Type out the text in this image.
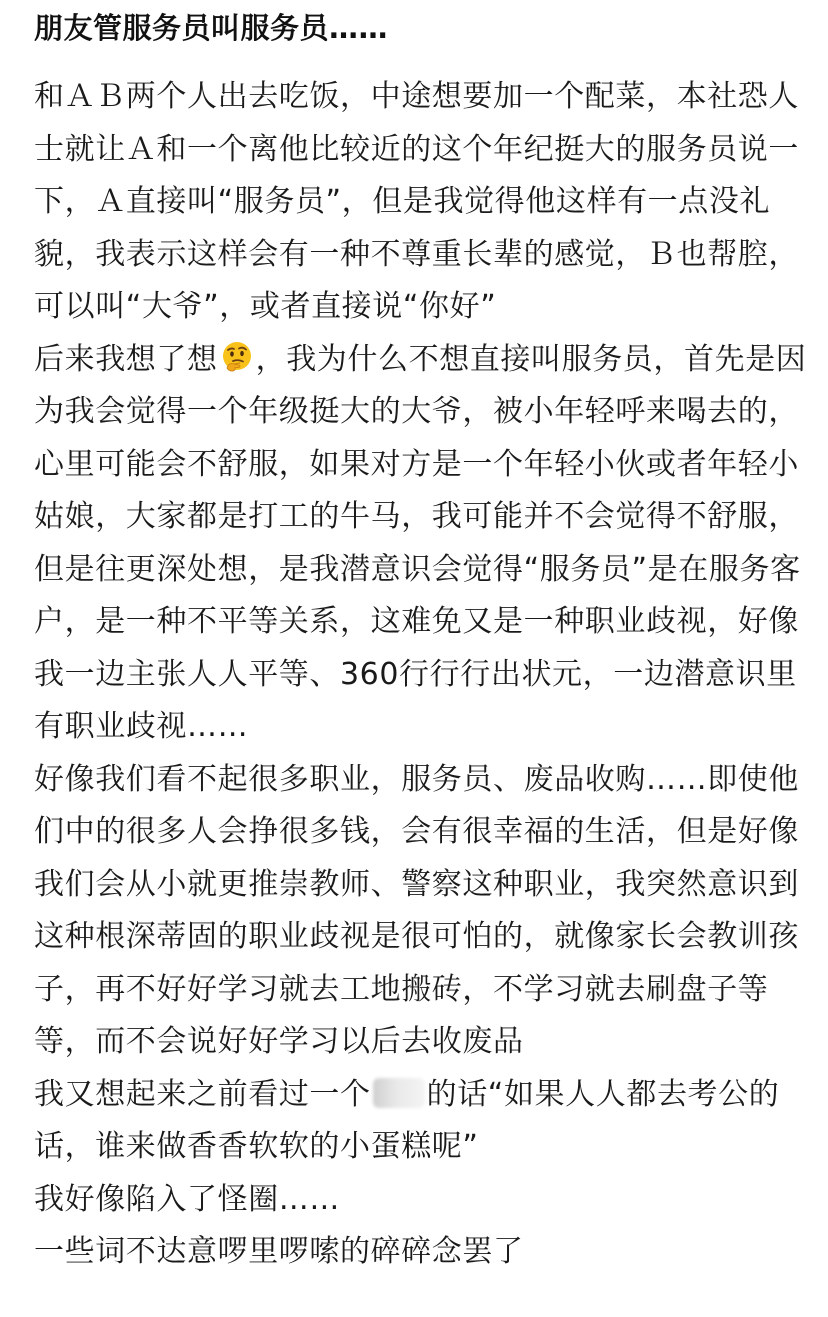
朋友管服务员叫服务员……

和ＡＢ两个人出去吃饭，中途想要加一个配菜，本社恐人士就让Ａ和一个离他比较近的这个年纪挺大的服务员说一下，Ａ直接叫“服务员”，但是我觉得他这样有一点没礼貌，我表示这样会有一种不尊重长辈的感觉，Ｂ也帮腔，可以叫“大爷”，或者直接说“你好”

后来我想了想 ，我为什么不想直接叫服务员，首先是因为我会觉得一个年级挺大的大爷，被小年轻呼来喝去的，心里可能会不舒服，如果对方是一个年轻小伙或者年轻小姑娘，大家都是打工的牛马，我可能并不会觉得不舒服，但是往更深处想，是我潜意识会觉得“服务员”是在服务客户，是一种不平等关系，这难免又是一种职业歧视，好像我一边主张人人平等、360行行行出状元，一边潜意识里有职业歧视……

好像我们看不起很多职业，服务员、废品收购……即使他们中的很多人会挣很多钱，会有很幸福的生活，但是好像我们会从小就更推崇教师、警察这种职业，我突然意识到这种根深蒂固的职业歧视是很可怕的，就像家长会教训孩子，再不好好学习就去工地搬砖，不学习就去刷盘子等等，而不会说好好学习以后去收废品

我又想起来之前看过一个 的话“如果人人都去考公的话，谁来做香香软软的小蛋糕呢”

我好像陷入了怪圈……

一些词不达意啰里啰嗦的碎碎念罢了
